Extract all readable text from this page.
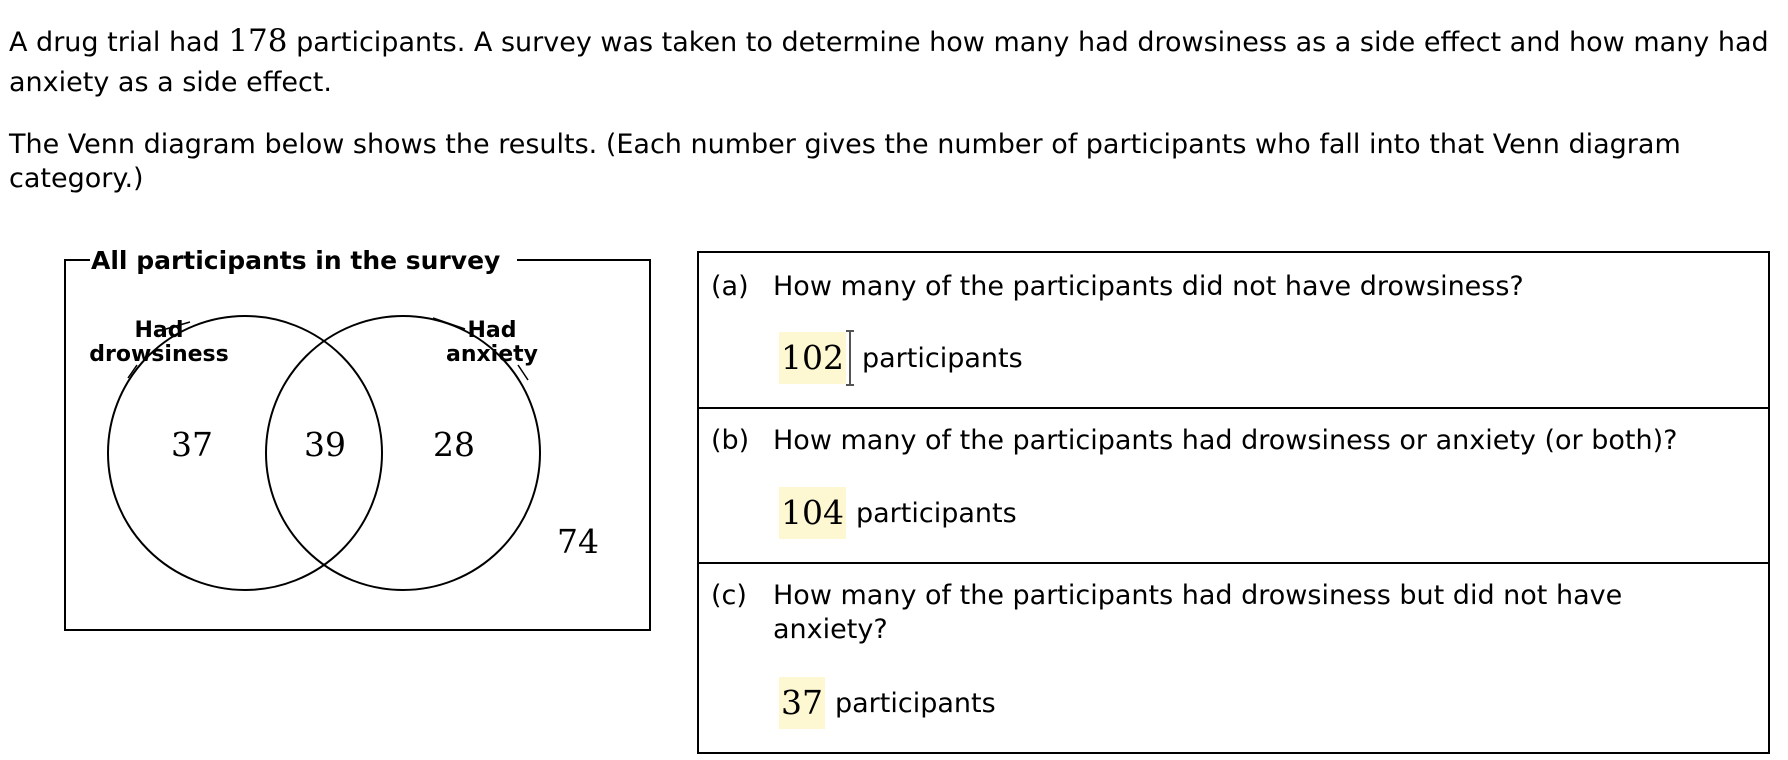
A drug trial had 178 participants. A survey was taken to determine how many had drowsiness as a side effect and how many had anxiety as a side effect.

The Venn diagram below shows the results. (Each number gives the number of participants who fall into that Venn diagram category.)

All participants in the survey
Had
drowsiness
Had
anxiety
37	39	28
74
(a) How many of the participants did not have drowsiness?
102 participants
(b) How many of the participants had drowsiness or anxiety (or both)?
104 participants
(c) How many of the participants had drowsiness but did not have anxiety?
37 participants
